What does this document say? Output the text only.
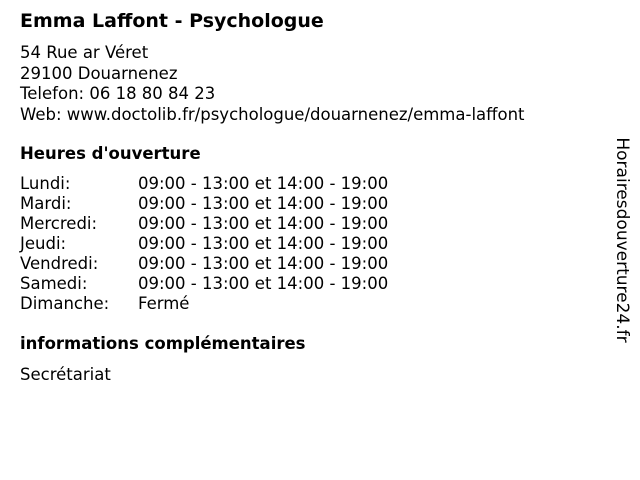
Emma Laffont - Psychologue
54 Rue ar Véret
29100 Douarnenez
Telefon: 06 18 80 84 23
Web: www.doctolib.fr/psychologue/douarnenez/emma-laffont
Heures d'ouverture
Lundi:	09:00 - 13:00 et 14:00 - 19:00
Mardi:	09:00 - 13:00 et 14:00 - 19:00
Mercredi:	09:00 - 13:00 et 14:00 - 19:00
Jeudi:	09:00 - 13:00 et 14:00 - 19:00
Vendredi:	09:00 - 13:00 et 14:00 - 19:00
Samedi:	09:00 - 13:00 et 14:00 - 19:00
Dimanche:	Fermé
informations complémentaires
Secrétariat
Horairesdouverture24.fr
